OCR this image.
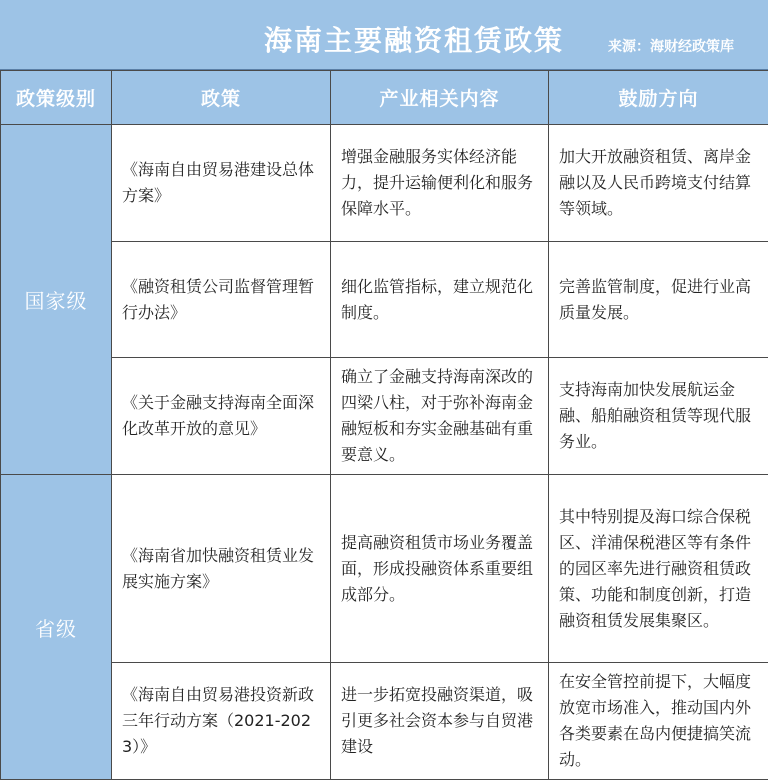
海南主要融资租赁政策	来源：海财经政策库
政策级别	政策	产业相关内容	鼓励方向
国家级	《海南自由贸易港建设总体方案》	增强金融服务实体经济能力，提升运输便利化和服务保障水平。	加大开放融资租赁、离岸金融以及人民币跨境支付结算等领域。
	《融资租赁公司监督管理暂行办法》	细化监管指标，建立规范化制度。	完善监管制度，促进行业高质量发展。
	《关于金融支持海南全面深化改革开放的意见》	确立了金融支持海南深改的四梁八柱，对于弥补海南金融短板和夯实金融基础有重要意义。	支持海南加快发展航运金融、船舶融资租赁等现代服务业。
省级	《海南省加快融资租赁业发展实施方案》	提高融资租赁市场业务覆盖面，形成投融资体系重要组成部分。	其中特别提及海口综合保税区、洋浦保税港区等有条件的园区率先进行融资租赁政策、功能和制度创新，打造融资租赁发展集聚区。
	《海南自由贸易港投资新政三年行动方案（2021-2023）》	进一步拓宽投融资渠道，吸引更多社会资本参与自贸港建设	在安全管控前提下，大幅度放宽市场准入，推动国内外各类要素在岛内便捷搞笑流动。
